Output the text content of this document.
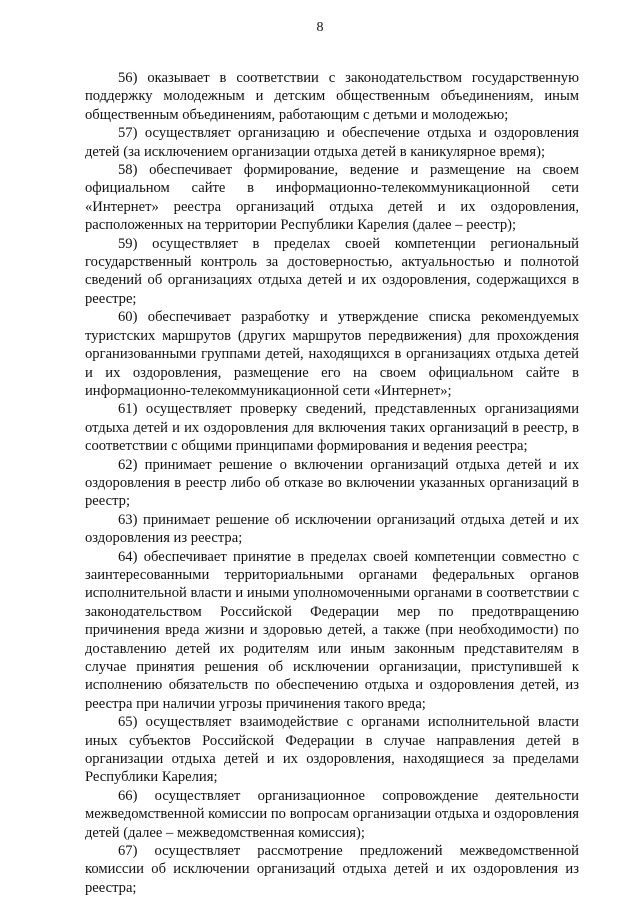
8

56) оказывает в соответствии с законодательством государственную поддержку молодежным и детским общественным объединениям, иным общественным объединениям, работающим с детьми и молодежью;

57) осуществляет организацию и обеспечение отдыха и оздоровления детей (за исключением организации отдыха детей в каникулярное время);

58) обеспечивает формирование, ведение и размещение на своем официальном сайте в информационно-телекоммуникационной сети «Интернет» реестра организаций отдыха детей и их оздоровления, расположенных на территории Республики Карелия (далее – реестр);

59) осуществляет в пределах своей компетенции региональный государственный контроль за достоверностью, актуальностью и полнотой сведений об организациях отдыха детей и их оздоровления, содержащихся в реестре;

60) обеспечивает разработку и утверждение списка рекомендуемых туристских маршрутов (других маршрутов передвижения) для прохождения организованными группами детей, находящихся в организациях отдыха детей и их оздоровления, размещение его на своем официальном сайте в информационно-телекоммуникационной сети «Интернет»;

61) осуществляет проверку сведений, представленных организациями отдыха детей и их оздоровления для включения таких организаций в реестр, в соответствии с общими принципами формирования и ведения реестра;

62) принимает решение о включении организаций отдыха детей и их оздоровления в реестр либо об отказе во включении указанных организаций в реестр;

63) принимает решение об исключении организаций отдыха детей и их оздоровления из реестра;

64) обеспечивает принятие в пределах своей компетенции совместно с заинтересованными территориальными органами федеральных органов исполнительной власти и иными уполномоченными органами в соответствии с законодательством Российской Федерации мер по предотвращению причинения вреда жизни и здоровью детей, а также (при необходимости) по доставлению детей их родителям или иным законным представителям в случае принятия решения об исключении организации, приступившей к исполнению обязательств по обеспечению отдыха и оздоровления детей, из реестра при наличии угрозы причинения такого вреда;

65) осуществляет взаимодействие с органами исполнительной власти иных субъектов Российской Федерации в случае направления детей в организации отдыха детей и их оздоровления, находящиеся за пределами Республики Карелия;

66) осуществляет организационное сопровождение деятельности межведомственной комиссии по вопросам организации отдыха и оздоровления детей (далее – межведомственная комиссия);

67) осуществляет рассмотрение предложений межведомственной комиссии об исключении организаций отдыха детей и их оздоровления из реестра;
